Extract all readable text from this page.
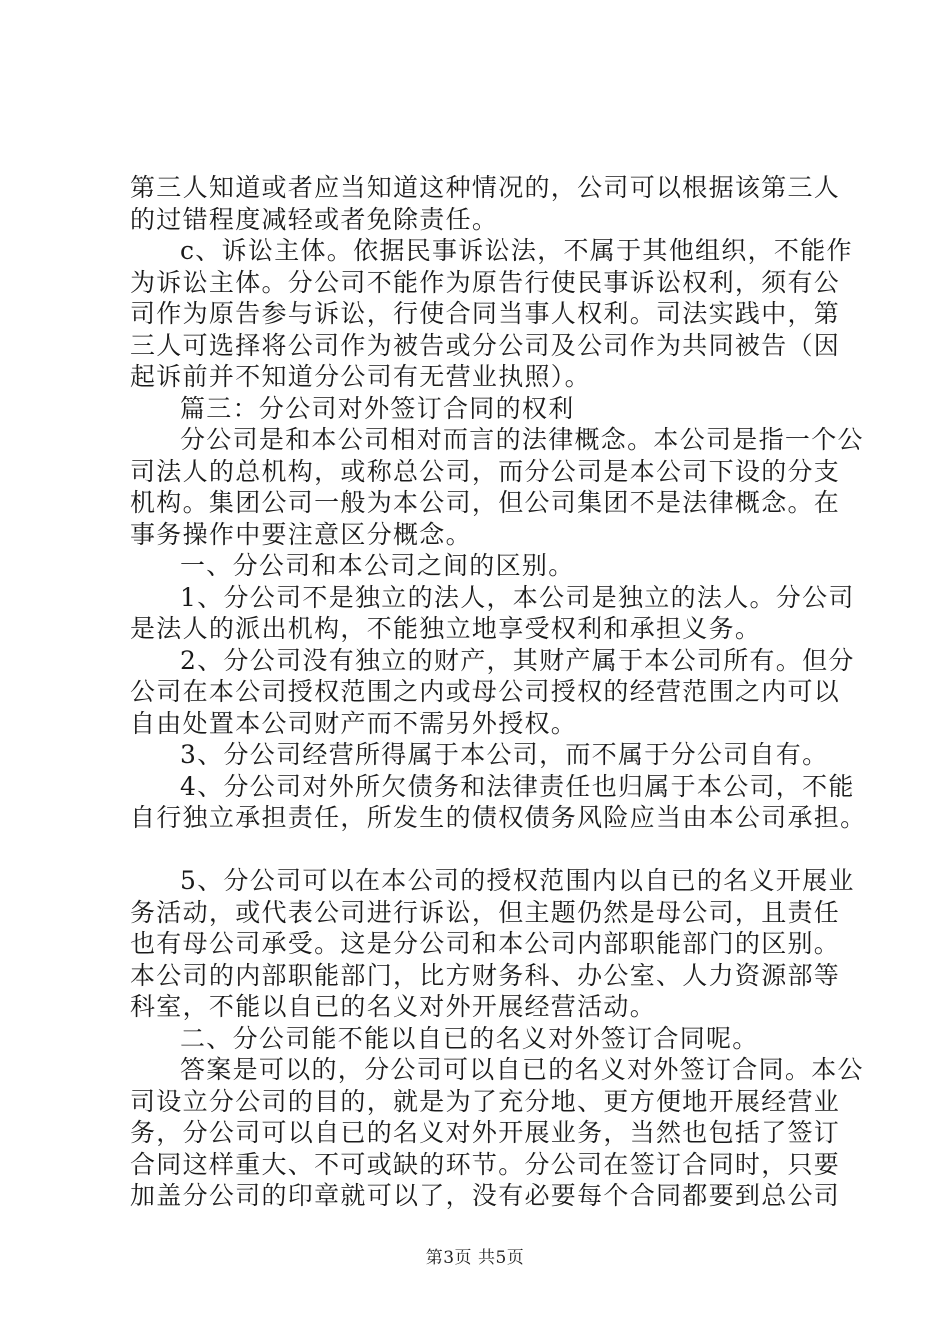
第三人知道或者应当知道这种情况的，公司可以根据该第三人

的过错程度减轻或者免除责任。

c、诉讼主体。依据民事诉讼法，不属于其他组织，不能作

为诉讼主体。分公司不能作为原告行使民事诉讼权利，须有公

司作为原告参与诉讼，行使合同当事人权利。司法实践中，第

三人可选择将公司作为被告或分公司及公司作为共同被告（因

起诉前并不知道分公司有无营业执照）。

篇三：分公司对外签订合同的权利

分公司是和本公司相对而言的法律概念。本公司是指一个公

司法人的总机构，或称总公司，而分公司是本公司下设的分支

机构。集团公司一般为本公司，但公司集团不是法律概念。在

事务操作中要注意区分概念。

一、分公司和本公司之间的区别。

1、分公司不是独立的法人，本公司是独立的法人。分公司

是法人的派出机构，不能独立地享受权利和承担义务。

2、分公司没有独立的财产，其财产属于本公司所有。但分

公司在本公司授权范围之内或母公司授权的经营范围之内可以

自由处置本公司财产而不需另外授权。

3、分公司经营所得属于本公司，而不属于分公司自有。

4、分公司对外所欠债务和法律责任也归属于本公司，不能

自行独立承担责任，所发生的债权债务风险应当由本公司承担。

5、分公司可以在本公司的授权范围内以自已的名义开展业

务活动，或代表公司进行诉讼，但主题仍然是母公司，且责任

也有母公司承受。这是分公司和本公司内部职能部门的区别。

本公司的内部职能部门，比方财务科、办公室、人力资源部等

科室，不能以自已的名义对外开展经营活动。

二、分公司能不能以自已的名义对外签订合同呢。

答案是可以的，分公司可以自已的名义对外签订合同。本公

司设立分公司的目的，就是为了充分地、更方便地开展经营业

务，分公司可以自已的名义对外开展业务，当然也包括了签订

合同这样重大、不可或缺的环节。分公司在签订合同时，只要

加盖分公司的印章就可以了，没有必要每个合同都要到总公司

第3页 共5页
